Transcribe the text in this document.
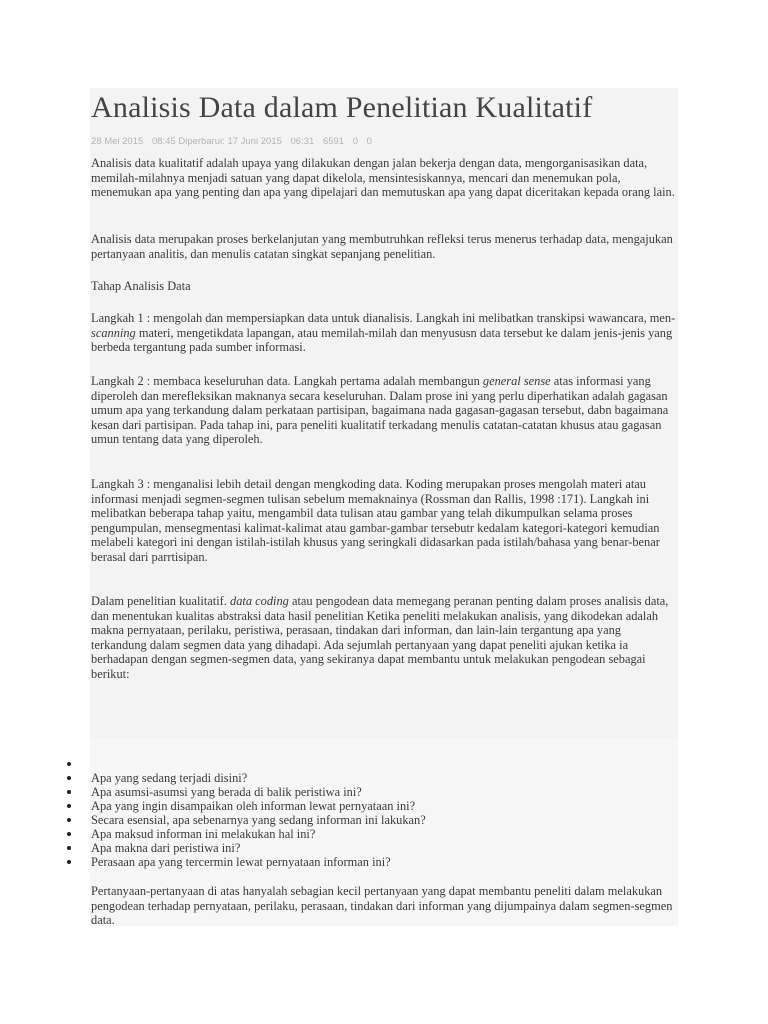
Analisis Data dalam Penelitian Kualitatif
28 Mei 2015 08:45 Diperbarui: 17 Juni 2015 06:31 6591 0 0

Analisis data kualitatif adalah upaya yang dilakukan dengan jalan bekerja dengan data, mengorganisasikan data, memilah-milahnya menjadi satuan yang dapat dikelola, mensintesiskannya, mencari dan menemukan pola, menemukan apa yang penting dan apa yang dipelajari dan memutuskan apa yang dapat diceritakan kepada orang lain.

Analisis data merupakan proses berkelanjutan yang membutruhkan refleksi terus menerus terhadap data, mengajukan pertanyaan analitis, dan menulis catatan singkat sepanjang penelitian.

Tahap Analisis Data

Langkah 1 : mengolah dan mempersiapkan data untuk dianalisis. Langkah ini melibatkan transkipsi wawancara, men-scanning materi, mengetikdata lapangan, atau memilah-milah dan menyususn data tersebut ke dalam jenis-jenis yang berbeda tergantung pada sumber informasi.

Langkah 2 : membaca keseluruhan data. Langkah pertama adalah membangun general sense atas informasi yang diperoleh dan merefleksikan maknanya secara keseluruhan. Dalam prose ini yang perlu diperhatikan adalah gagasan umum apa yang terkandung dalam perkataan partisipan, bagaimana nada gagasan-gagasan tersebut, dabn bagaimana kesan dari partisipan. Pada tahap ini, para peneliti kualitatif terkadang menulis catatan-catatan khusus atau gagasan umun tentang data yang diperoleh.

Langkah 3 : menganalisi lebih detail dengan mengkoding data. Koding merupakan proses mengolah materi atau informasi menjadi segmen-segmen tulisan sebelum memaknainya (Rossman dan Rallis, 1998 :171). Langkah ini melibatkan beberapa tahap yaitu, mengambil data tulisan atau gambar yang telah dikumpulkan selama proses pengumpulan, mensegmentasi kalimat-kalimat atau gambar-gambar tersebutr kedalam kategori-kategori kemudian melabeli kategori ini dengan istilah-istilah khusus yang seringkali didasarkan pada istilah/bahasa yang benar-benar berasal dari parrtisipan.

Dalam penelitian kualitatif. data coding atau pengodean data memegang peranan penting dalam proses analisis data, dan menentukan kualitas abstraksi data hasil penelitian Ketika peneliti melakukan analisis, yang dikodekan adalah makna pernyataan, perilaku, peristiwa, perasaan, tindakan dari informan, dan lain-lain tergantung apa yang terkandung dalam segmen data yang dihadapi. Ada sejumlah pertanyaan yang dapat peneliti ajukan ketika ia berhadapan dengan segmen-segmen data, yang sekiranya dapat membantu untuk melakukan pengodean sebagai berikut:

Apa yang sedang terjadi disini?
Apa asumsi-asumsi yang berada di balik peristiwa ini?
Apa yang ingin disampaikan oleh informan lewat pernyataan ini?
Secara esensial, apa sebenarnya yang sedang informan ini lakukan?
Apa maksud informan ini melakukan hal ini?
Apa makna dari peristiwa ini?
Perasaan apa yang tercermin lewat pernyataan informan ini?

Pertanyaan-pertanyaan di atas hanyalah sebagian kecil pertanyaan yang dapat membantu peneliti dalam melakukan pengodean terhadap pernyataan, perilaku, perasaan, tindakan dari informan yang dijumpainya dalam segmen-segmen data.
